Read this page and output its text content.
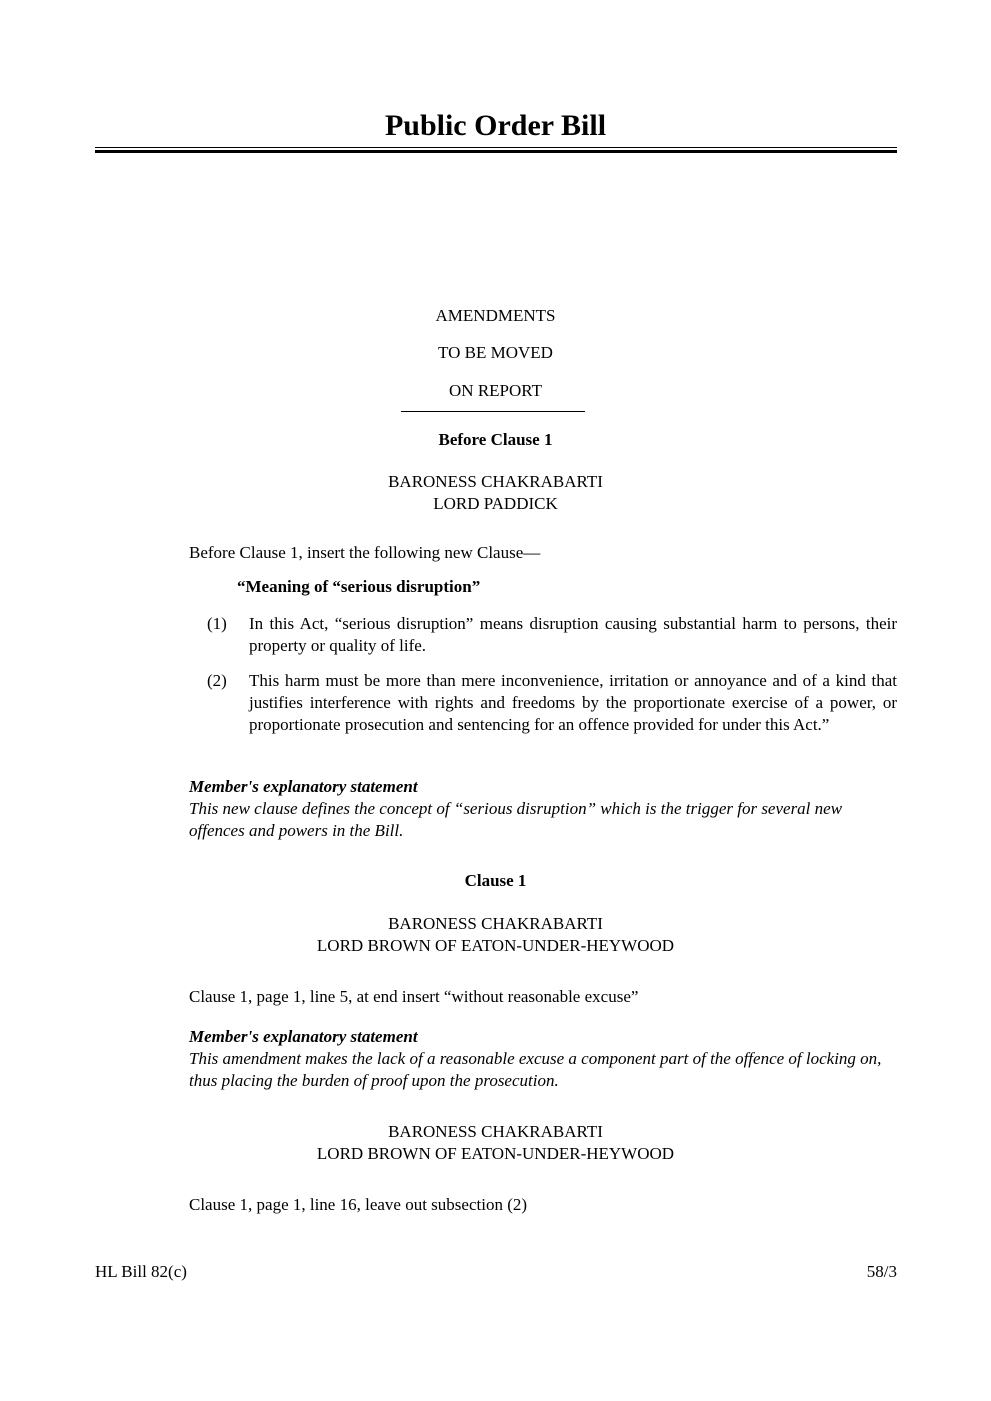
Public Order Bill
AMENDMENTS
TO BE MOVED
ON REPORT
Before Clause 1
BARONESS CHAKRABARTI
LORD PADDICK
Before Clause 1, insert the following new Clause—
“Meaning of “serious disruption”
(1) In this Act, “serious disruption” means disruption causing substantial harm to persons, their property or quality of life.
(2) This harm must be more than mere inconvenience, irritation or annoyance and of a kind that justifies interference with rights and freedoms by the proportionate exercise of a power, or proportionate prosecution and sentencing for an offence provided for under this Act.”
Member's explanatory statement
This new clause defines the concept of “serious disruption” which is the trigger for several new offences and powers in the Bill.
Clause 1
BARONESS CHAKRABARTI
LORD BROWN OF EATON-UNDER-HEYWOOD
Clause 1, page 1, line 5, at end insert “without reasonable excuse”
Member's explanatory statement
This amendment makes the lack of a reasonable excuse a component part of the offence of locking on, thus placing the burden of proof upon the prosecution.
BARONESS CHAKRABARTI
LORD BROWN OF EATON-UNDER-HEYWOOD
Clause 1, page 1, line 16, leave out subsection (2)
HL Bill 82(c)	58/3
